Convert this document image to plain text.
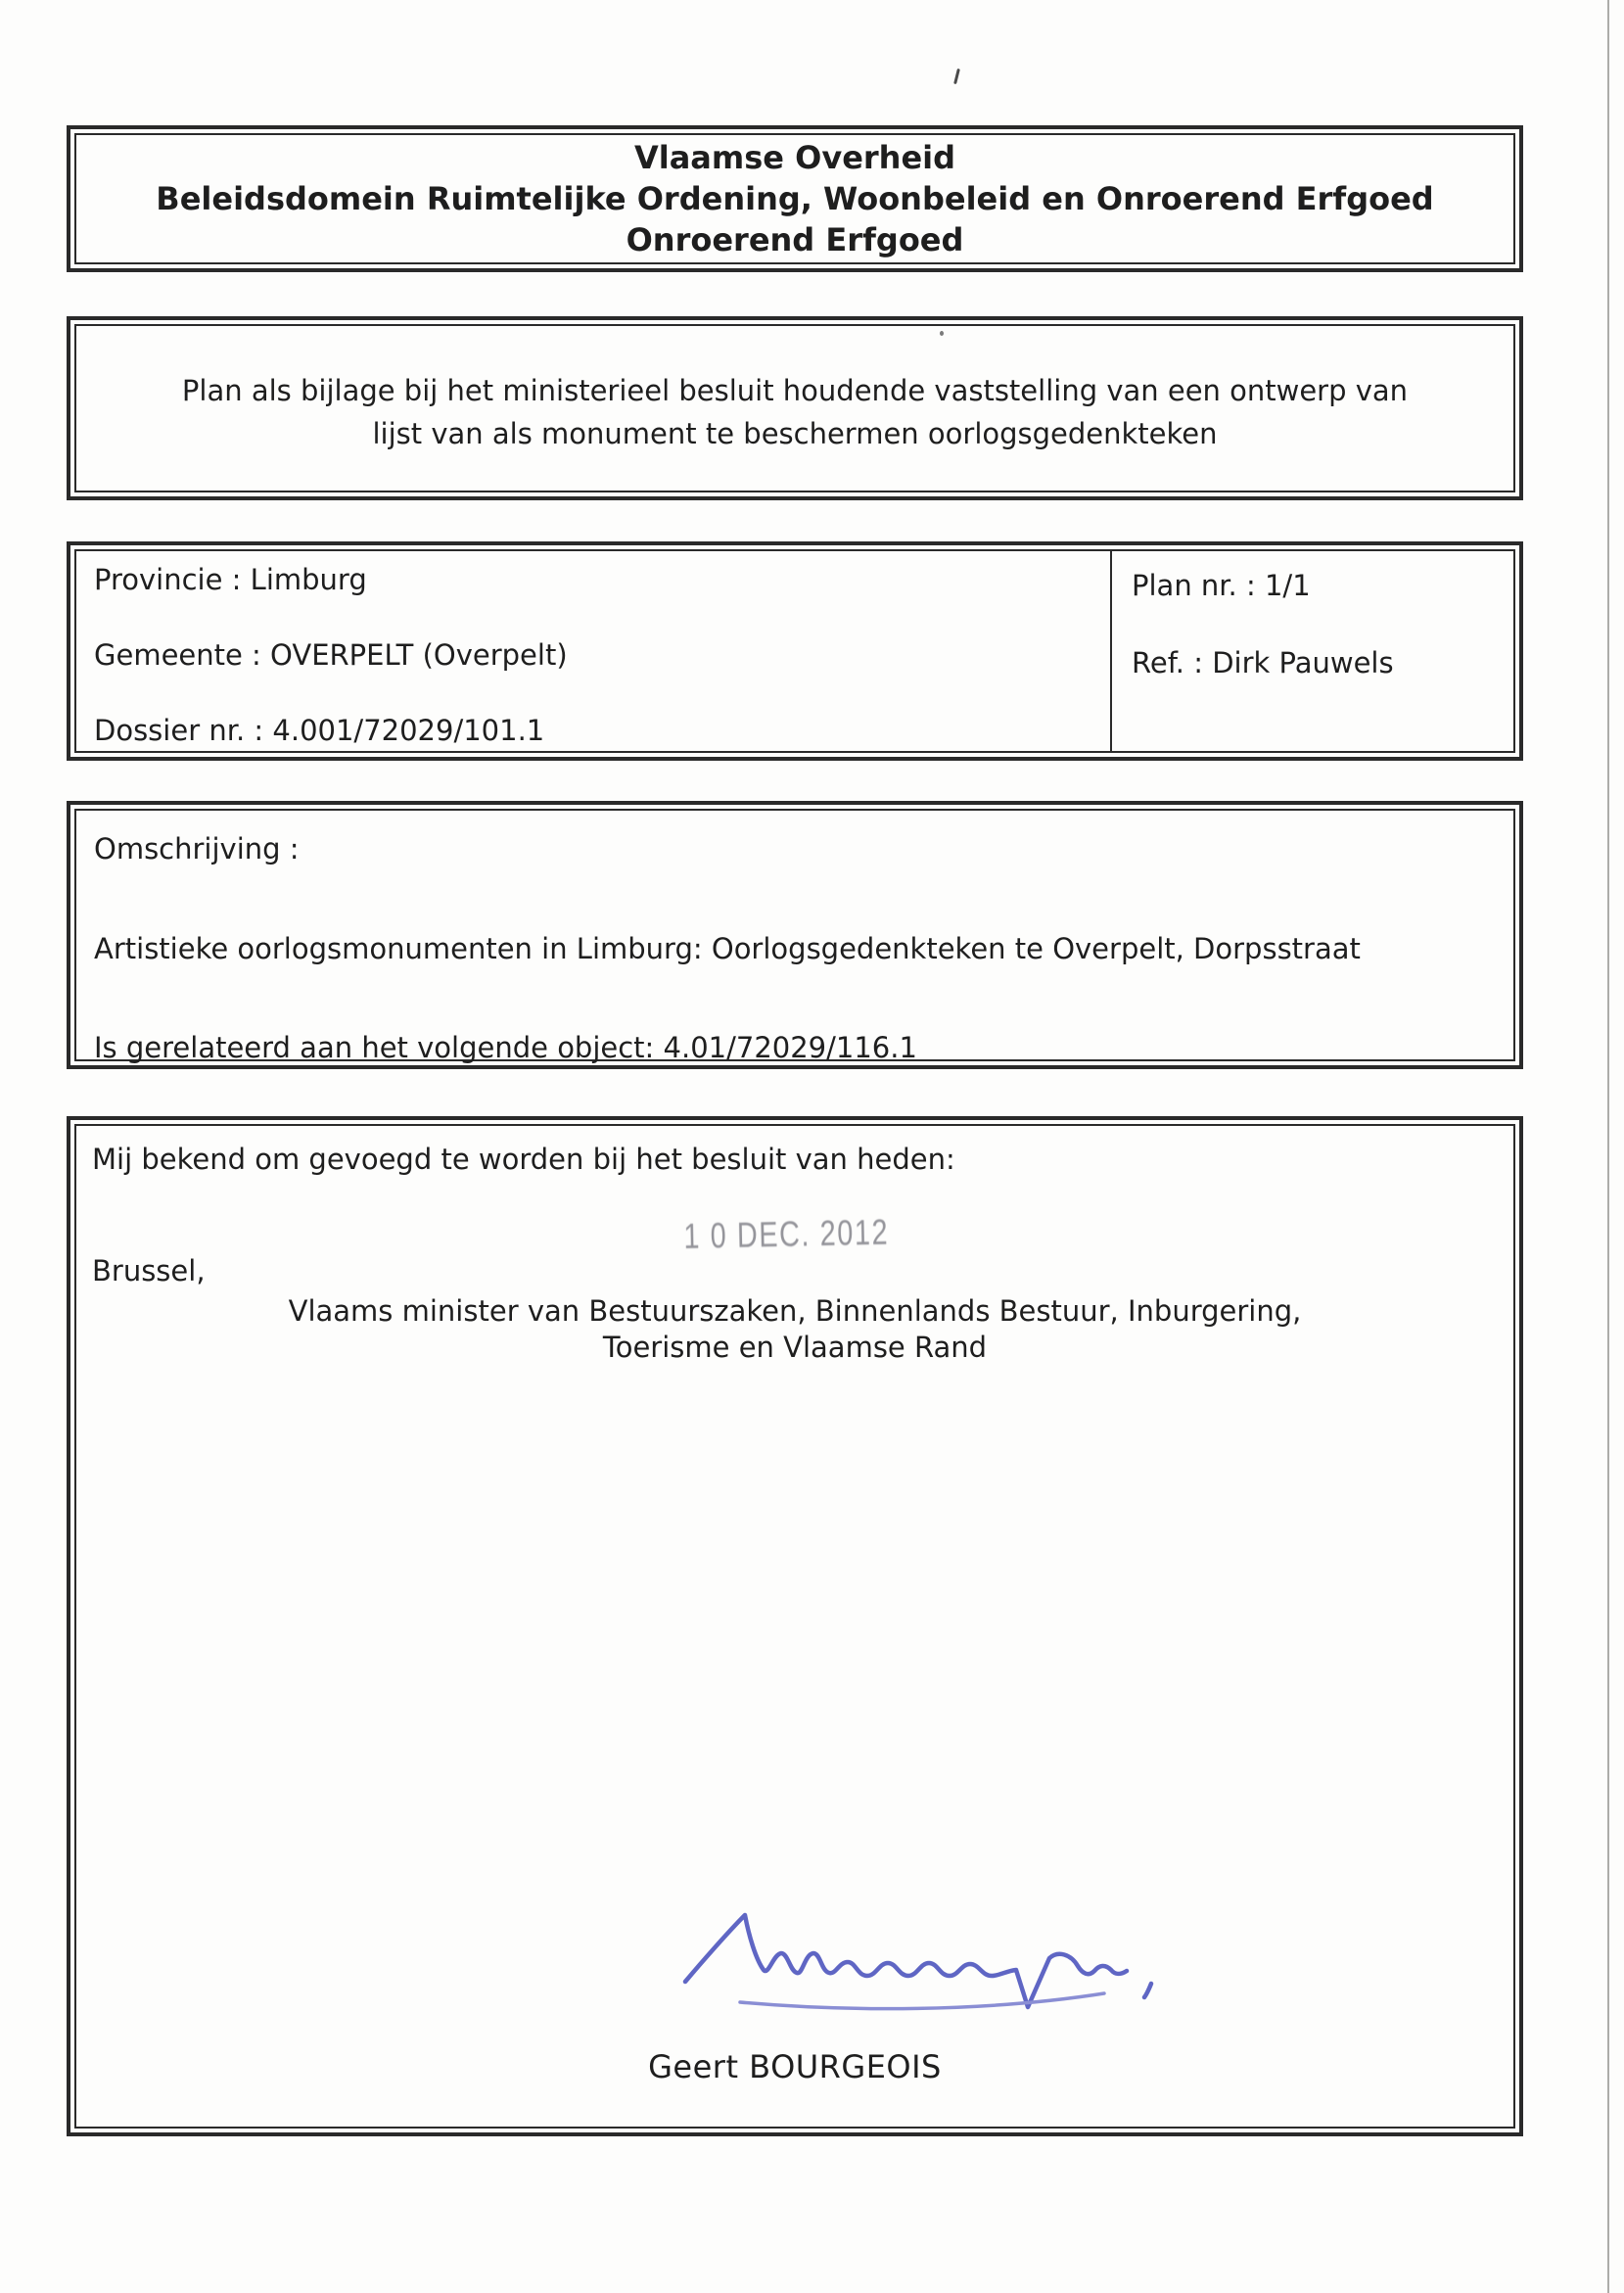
Vlaamse Overheid
Beleidsdomein Ruimtelijke Ordening, Woonbeleid en Onroerend Erfgoed
Onroerend Erfgoed
Plan als bijlage bij het ministerieel besluit houdende vaststelling van een ontwerp van
lijst van als monument te beschermen oorlogsgedenkteken

Provincie : Limburg

Gemeente : OVERPELT (Overpelt)

Dossier nr. : 4.001/72029/101.1

Plan nr. : 1/1

Ref. : Dirk Pauwels

Omschrijving :

Artistieke oorlogsmonumenten in Limburg: Oorlogsgedenkteken te Overpelt, Dorpsstraat

Is gerelateerd aan het volgende object: 4.01/72029/116.1

Mij bekend om gevoegd te worden bij het besluit van heden:
1 0 DEC. 2012
Brussel,
Vlaams minister van Bestuurszaken, Binnenlands Bestuur, Inburgering,
Toerisme en Vlaamse Rand
Geert BOURGEOIS
